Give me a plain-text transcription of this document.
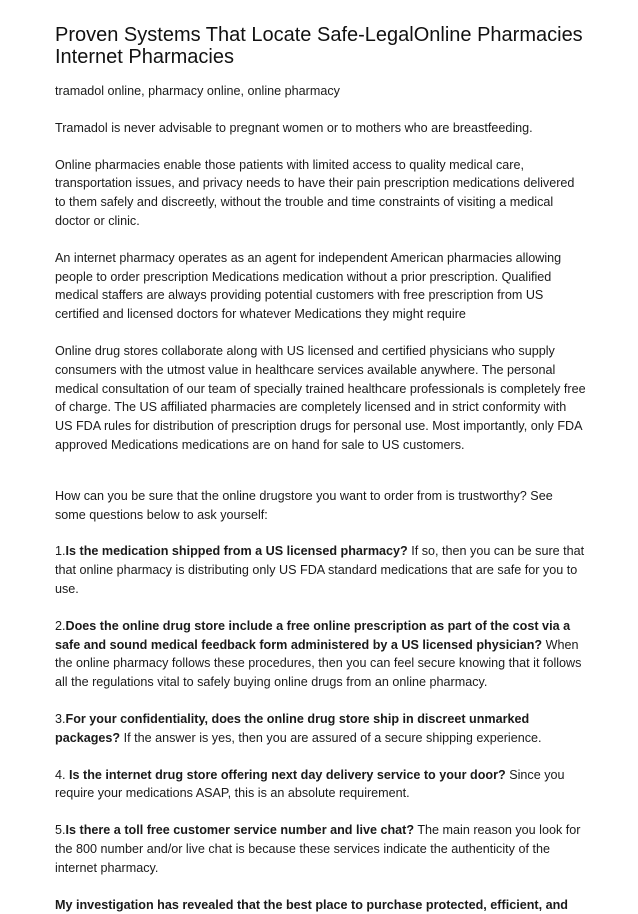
Proven Systems That Locate Safe-LegalOnline Pharmacies Internet Pharmacies

tramadol online, pharmacy online, online pharmacy

Tramadol is never advisable to pregnant women or to mothers who are breastfeeding.

Online pharmacies enable those patients with limited access to quality medical care, transportation issues, and privacy needs to have their pain prescription medications delivered to them safely and discreetly, without the trouble and time constraints of visiting a medical doctor or clinic.

An internet pharmacy operates as an agent for independent American pharmacies allowing people to order prescription Medications medication without a prior prescription. Qualified medical staffers are always providing potential customers with free prescription from US certified and licensed doctors for whatever Medications they might require

Online drug stores collaborate along with US licensed and certified physicians who supply consumers with the utmost value in healthcare services available anywhere. The personal medical consultation of our team of specially trained healthcare professionals is completely free of charge. The US affiliated pharmacies are completely licensed and in strict conformity with US FDA rules for distribution of prescription drugs for personal use. Most importantly, only FDA approved Medications medications are on hand for sale to US customers.

How can you be sure that the online drugstore you want to order from is trustworthy? See some questions below to ask yourself:

1.Is the medication shipped from a US licensed pharmacy? If so, then you can be sure that that online pharmacy is distributing only US FDA standard medications that are safe for you to use.

2.Does the online drug store include a free online prescription as part of the cost via a safe and sound medical feedback form administered by a US licensed physician? When the online pharmacy follows these procedures, then you can feel secure knowing that it follows all the regulations vital to safely buying online drugs from an online pharmacy.

3.For your confidentiality, does the online drug store ship in discreet unmarked packages? If the answer is yes, then you are assured of a secure shipping experience.

4. Is the internet drug store offering next day delivery service to your door? Since you require your medications ASAP, this is an absolute requirement.

5.Is there a toll free customer service number and live chat? The main reason you look for the 800 number and/or live chat is because these services indicate the authenticity of the internet pharmacy.

My investigation has revealed that the best place to purchase protected, efficient, and
